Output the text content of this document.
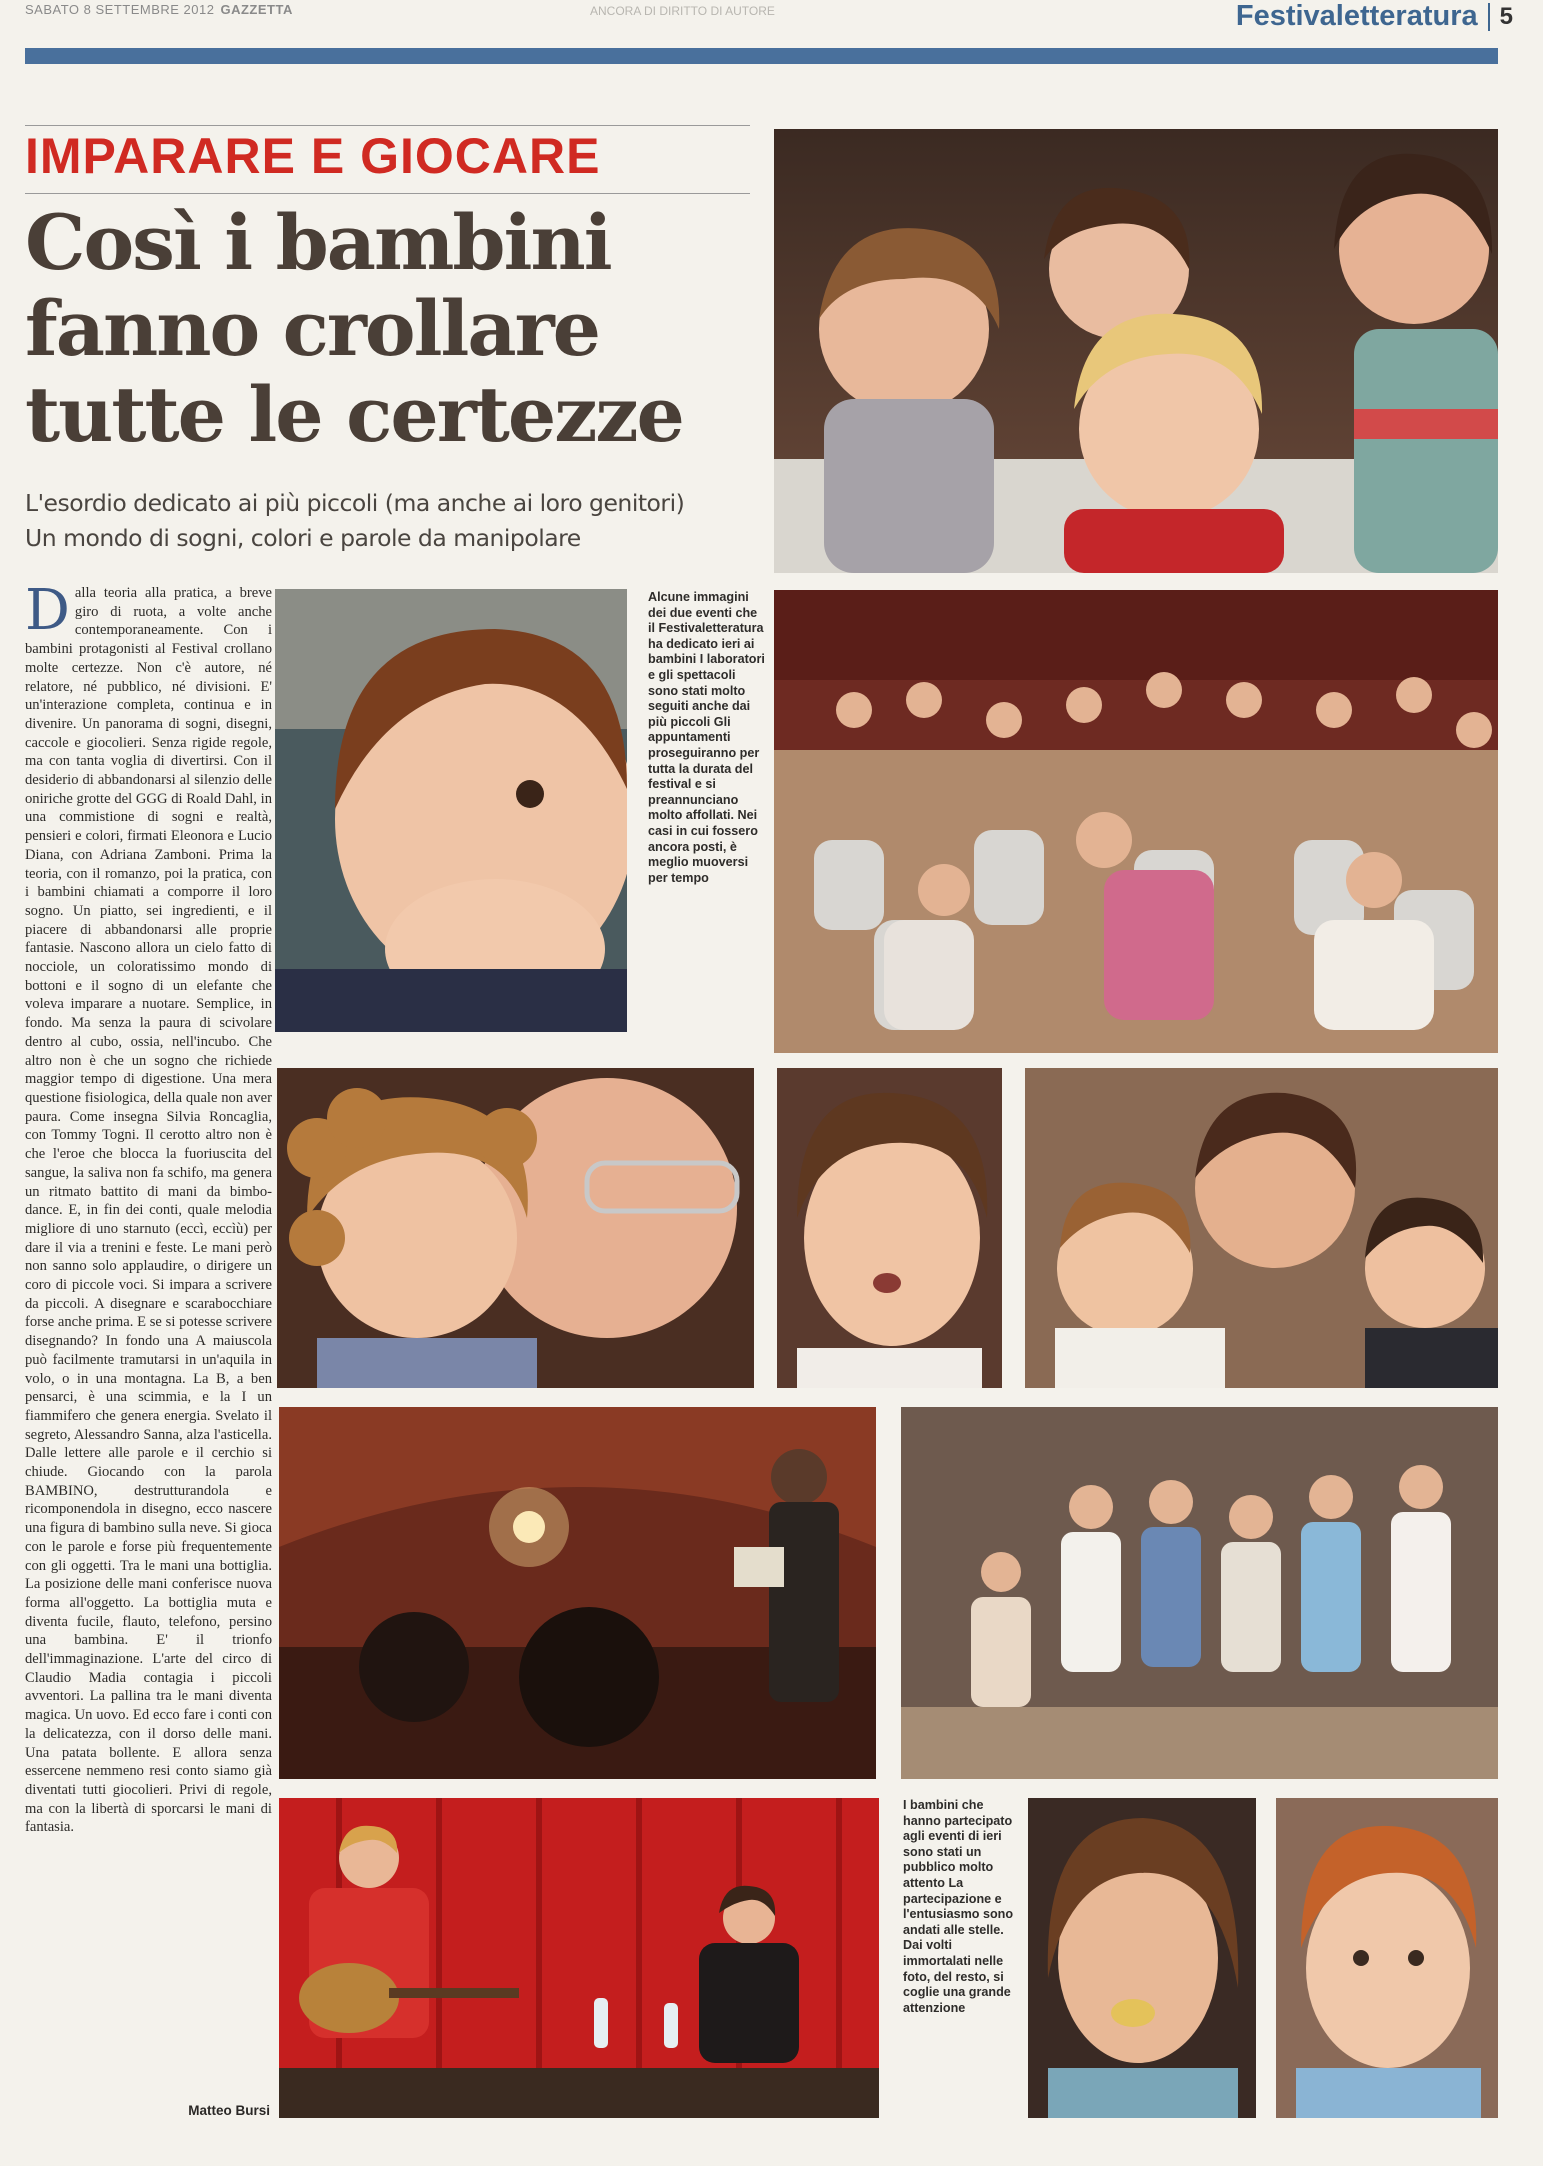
SABATO 8 SETTEMBRE 2012 GAZZETTA	ANCORA DI DIRITTO DI AUTORE	Festivaletteratura 5
IMPARARE E GIOCARE
Così i bambini fanno crollare tutte le certezze
L'esordio dedicato ai più piccoli (ma anche ai loro genitori)
Un mondo di sogni, colori e parole da manipolare
Dalla teoria alla pratica, a breve giro di ruota, a volte anche contemporaneamente. Con i bambini protagonisti al Festival crollano molte certezze. Non c'è autore, né relatore, né pubblico, né divisioni. E' un'interazione completa, continua e in divenire. Un panorama di sogni, disegni, caccole e giocolieri. Senza rigide regole, ma con tanta voglia di divertirsi. Con il desiderio di abbandonarsi al silenzio delle oniriche grotte del GGG di Roald Dahl, in una commistione di sogni e realtà, pensieri e colori, firmati Eleonora e Lucio Diana, con Adriana Zamboni. Prima la teoria, con il romanzo, poi la pratica, con i bambini chiamati a comporre il loro sogno. Un piatto, sei ingredienti, e il piacere di abbandonarsi alle proprie fantasie. Nascono allora un cielo fatto di nocciole, un coloratissimo mondo di bottoni e il sogno di un elefante che voleva imparare a nuotare. Semplice, in fondo. Ma senza la paura di scivolare dentro al cubo, ossia, nell'incubo. Che altro non è che un sogno che richiede maggior tempo di digestione. Una mera questione fisiologica, della quale non aver paura. Come insegna Silvia Roncaglia, con Tommy Togni. Il cerotto altro non è che l'eroe che blocca la fuoriuscita del sangue, la saliva non fa schifo, ma genera un ritmato battito di mani da bimbo-dance. E, in fin dei conti, quale melodia migliore di uno starnuto (eccì, eccìù) per dare il via a trenini e feste. Le mani però non sanno solo applaudire, o dirigere un coro di piccole voci. Si impara a scrivere da piccoli. A disegnare e scarabocchiare forse anche prima. E se si potesse scrivere disegnando? In fondo una A maiuscola può facilmente tramutarsi in un'aquila in volo, o in una montagna. La B, a ben pensarci, è una scimmia, e la I un fiammifero che genera energia. Svelato il segreto, Alessandro Sanna, alza l'asticella. Dalle lettere alle parole e il cerchio si chiude. Giocando con la parola BAMBINO, destrutturandola e ricomponendola in disegno, ecco nascere una figura di bambino sulla neve. Si gioca con le parole e forse più frequentemente con gli oggetti. Tra le mani una bottiglia. La posizione delle mani conferisce nuova forma all'oggetto. La bottiglia muta e diventa fucile, flauto, telefono, persino una bambina. E' il trionfo dell'immaginazione. L'arte del circo di Claudio Madia contagia i piccoli avventori. La pallina tra le mani diventa magica. Un uovo. Ed ecco fare i conti con la delicatezza, con il dorso delle mani. Una patata bollente. E allora senza essercene nemmeno resi conto siamo già diventati tutti giocolieri. Privi di regole, ma con la libertà di sporcarsi le mani di fantasia.
Matteo Bursi
Alcune immagini dei due eventi che il Festivaletteratura ha dedicato ieri ai bambini I laboratori e gli spettacoli sono stati molto seguiti anche dai più piccoli Gli appuntamenti proseguiranno per tutta la durata del festival e si preannunciano molto affollati. Nei casi in cui fossero ancora posti, è meglio muoversi per tempo
I bambini che hanno partecipato agli eventi di ieri sono stati un pubblico molto attento La partecipazione e l'entusiasmo sono andati alle stelle. Dai volti immortalati nelle foto, del resto, si coglie una grande attenzione
